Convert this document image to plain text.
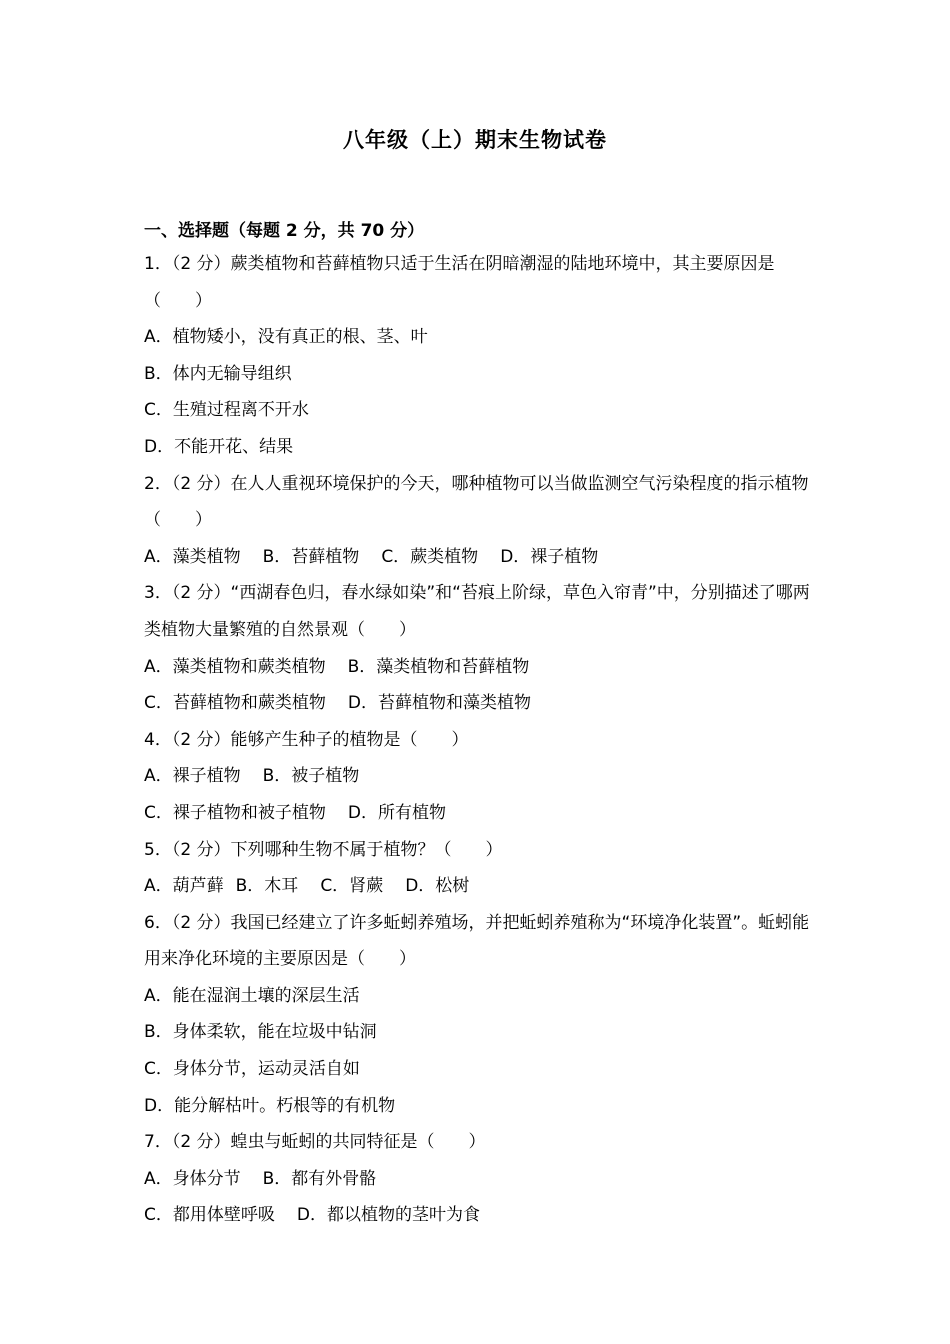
八年级（上）期末生物试卷
一、选择题（每题 2 分，共 70 分）
1．（2 分）蕨类植物和苔藓植物只适于生活在阴暗潮湿的陆地环境中，其主要原因是（　　）
A．植物矮小，没有真正的根、茎、叶
B．体内无输导组织
C．生殖过程离不开水
D．不能开花、结果
2．（2 分）在人人重视环境保护的今天，哪种植物可以当做监测空气污染程度的指示植物（　　）
A．藻类植物 B．苔藓植物 C．蕨类植物 D．裸子植物
3．（2 分）“西湖春色归，春水绿如染”和“苔痕上阶绿，草色入帘青”中，分别描述了哪两类植物大量繁殖的自然景观（　　）
A．藻类植物和蕨类植物 B．藻类植物和苔藓植物
C．苔藓植物和蕨类植物 D．苔藓植物和藻类植物
4．（2 分）能够产生种子的植物是（　　）
A．裸子植物 B．被子植物
C．裸子植物和被子植物 D．所有植物
5．（2 分）下列哪种生物不属于植物？（　　）
A．葫芦藓 B．木耳 C．肾蕨 D．松树
6．（2 分）我国已经建立了许多蚯蚓养殖场，并把蚯蚓养殖称为“环境净化装置”。蚯蚓能用来净化环境的主要原因是（　　）
A．能在湿润土壤的深层生活
B．身体柔软，能在垃圾中钻洞
C．身体分节，运动灵活自如
D．能分解枯叶。朽根等的有机物
7．（2 分）蝗虫与蚯蚓的共同特征是（　　）
A．身体分节 B．都有外骨骼
C．都用体壁呼吸 D．都以植物的茎叶为食
